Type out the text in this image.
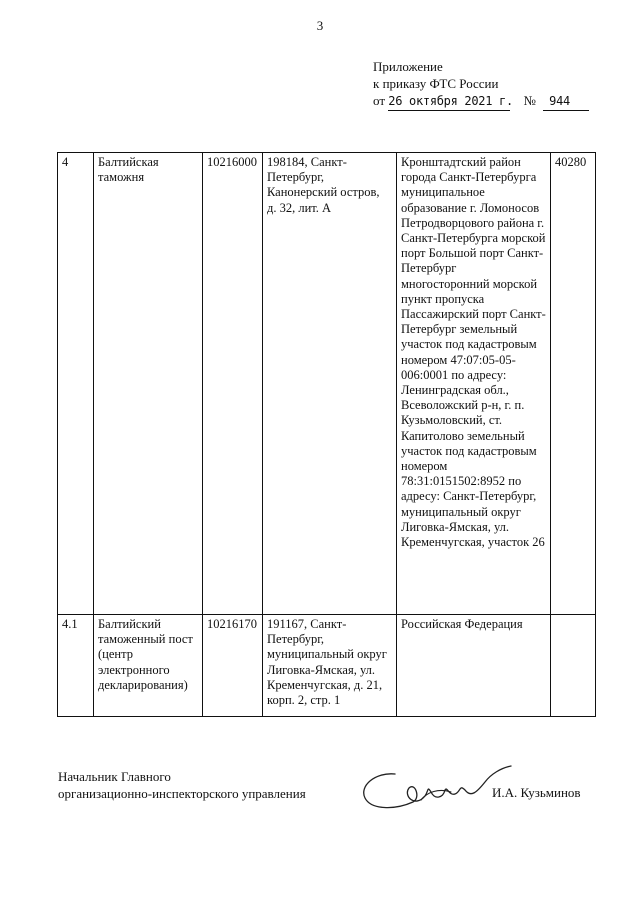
3
Приложение
к приказу ФТС России
от 26 октября 2021 г. № 944
4	Балтийская таможня	10216000	198184, Санкт-Петербург, Канонерский остров, д. 32, лит. А	Кронштадтский район города Санкт-Петербурга муниципальное образование г. Ломоносов Петродворцового района г. Санкт-Петербурга морской порт Большой порт Санкт-Петербург многосторонний морской пункт пропуска Пассажирский порт Санкт-Петербург земельный участок под кадастровым номером 47:07:05-05-006:0001 по адресу: Ленинградская обл., Всеволожский р-н, г. п. Кузьмоловский, ст. Капитолово земельный участок под кадастровым номером 78:31:0151502:8952 по адресу: Санкт-Петербург, муниципальный округ Лиговка-Ямская, ул. Кременчугская, участок 26	40280
4.1	Балтийский таможенный пост (центр электронного декларирования)	10216170	191167, Санкт-Петербург, муниципальный округ Лиговка-Ямская, ул. Кременчугская, д. 21, корп. 2, стр. 1	Российская Федерация	
Начальник Главного
организационно-инспекторского управления	И.А. Кузьминов
